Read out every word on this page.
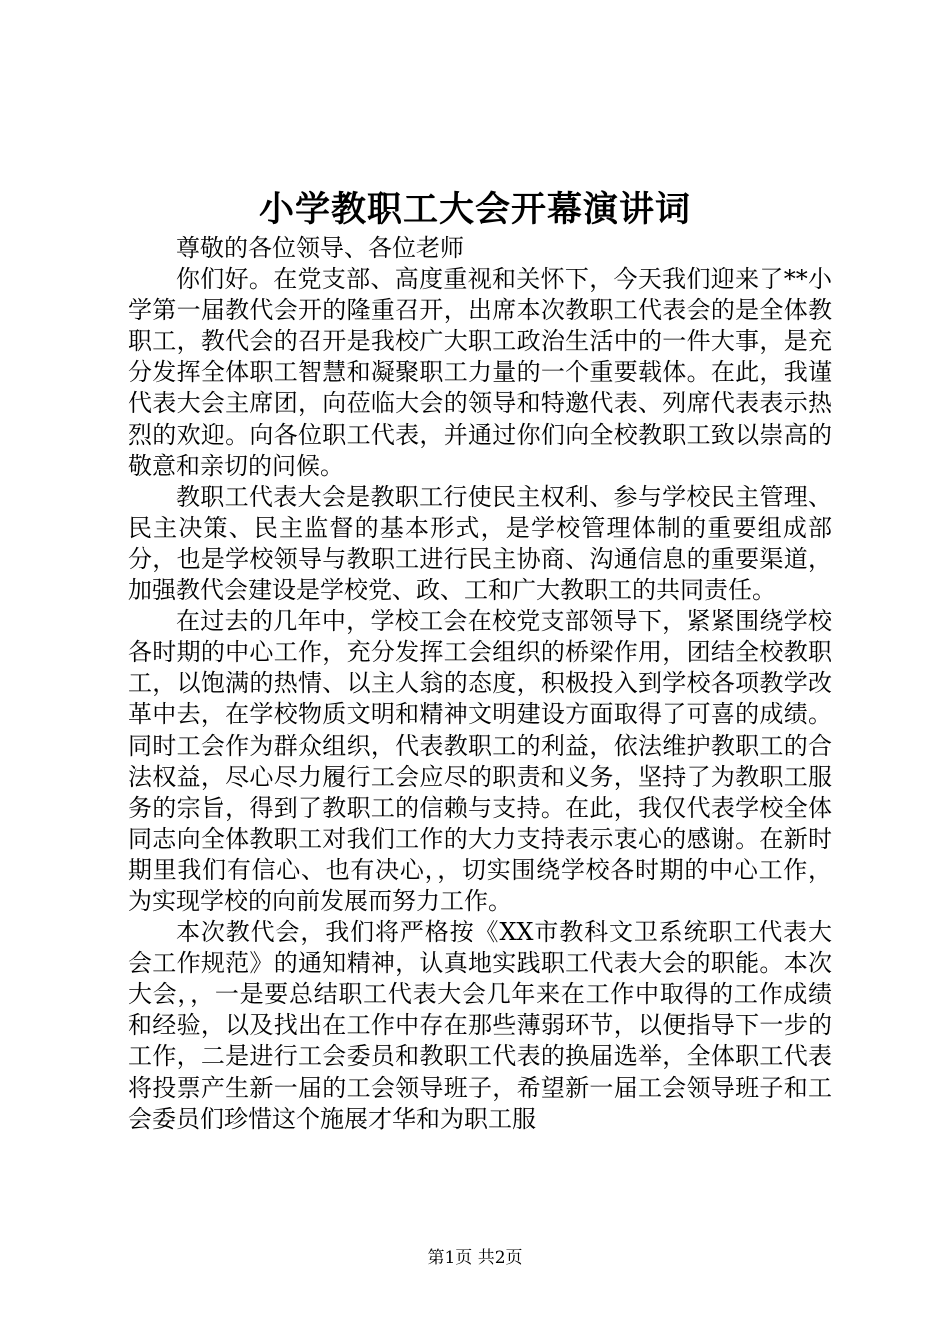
小学教职工大会开幕演讲词

尊敬的各位领导、各位老师

你们好。在党支部、高度重视和关怀下，今天我们迎来了**小学第一届教代会开的隆重召开，出席本次教职工代表会的是全体教职工，教代会的召开是我校广大职工政治生活中的一件大事，是充分发挥全体职工智慧和凝聚职工力量的一个重要载体。在此，我谨代表大会主席团，向莅临大会的领导和特邀代表、列席代表表示热烈的欢迎。向各位职工代表，并通过你们向全校教职工致以崇高的敬意和亲切的问候。

教职工代表大会是教职工行使民主权利、参与学校民主管理、民主决策、民主监督的基本形式，是学校管理体制的重要组成部分，也是学校领导与教职工进行民主协商、沟通信息的重要渠道，加强教代会建设是学校党、政、工和广大教职工的共同责任。

在过去的几年中，学校工会在校党支部领导下，紧紧围绕学校各时期的中心工作，充分发挥工会组织的桥梁作用，团结全校教职工，以饱满的热情、以主人翁的态度，积极投入到学校各项教学改革中去，在学校物质文明和精神文明建设方面取得了可喜的成绩。同时工会作为群众组织，代表教职工的利益，依法维护教职工的合法权益，尽心尽力履行工会应尽的职责和义务，坚持了为教职工服务的宗旨，得到了教职工的信赖与支持。在此，我仅代表学校全体同志向全体教职工对我们工作的大力支持表示衷心的感谢。在新时期里我们有信心、也有决心，，切实围绕学校各时期的中心工作，为实现学校的向前发展而努力工作。

本次教代会，我们将严格按《XX市教科文卫系统职工代表大会工作规范》的通知精神，认真地实践职工代表大会的职能。本次大会，，一是要总结职工代表大会几年来在工作中取得的工作成绩和经验，以及找出在工作中存在那些薄弱环节，以便指导下一步的工作，二是进行工会委员和教职工代表的换届选举，全体职工代表将投票产生新一届的工会领导班子，希望新一届工会领导班子和工会委员们珍惜这个施展才华和为职工服

第1页 共2页
